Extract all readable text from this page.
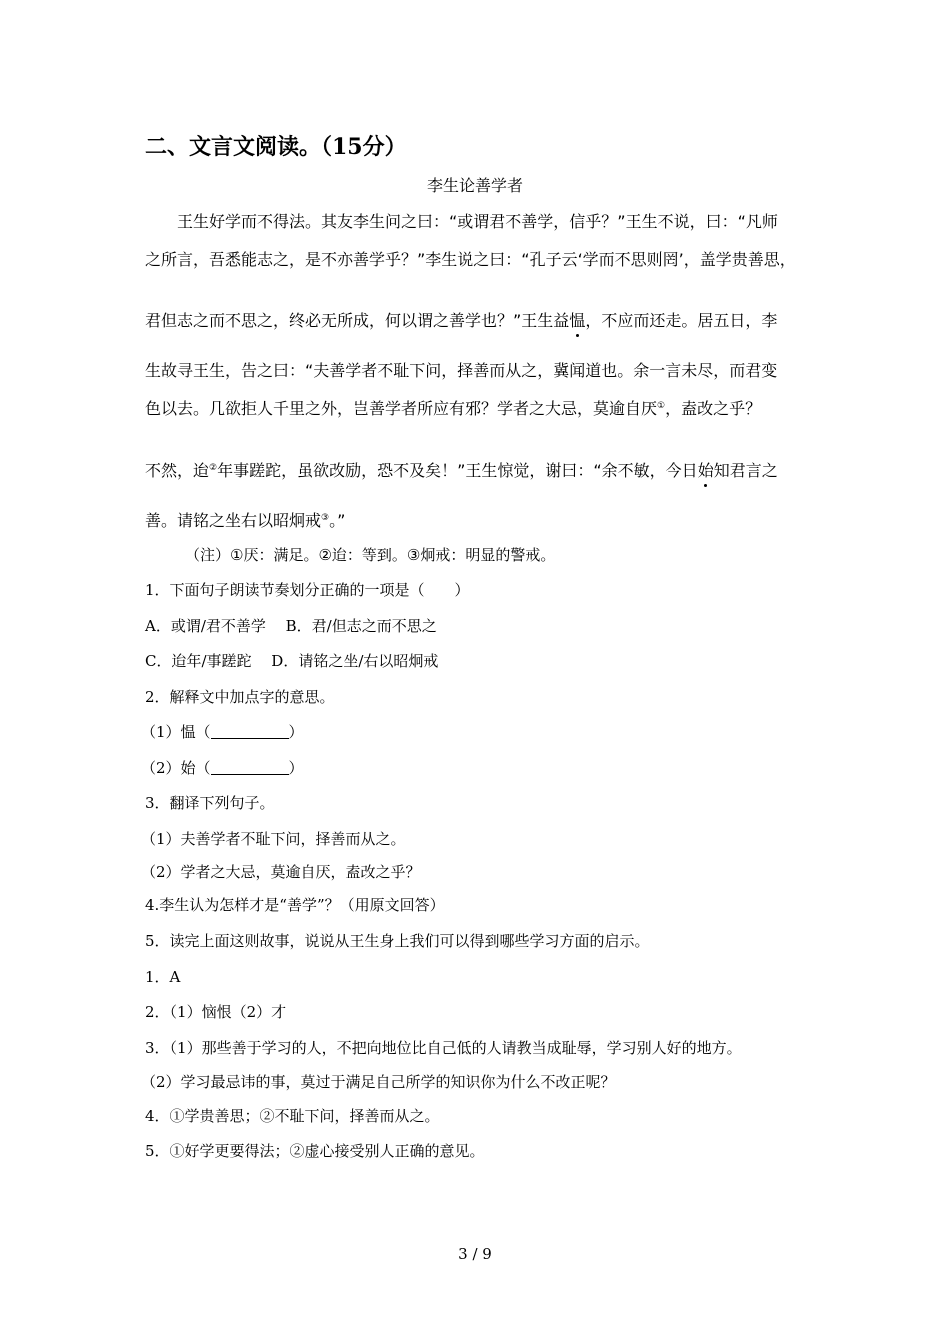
二、文言文阅读。（15分）
李生论善学者
王生好学而不得法。其友李生问之曰：“或谓君不善学，信乎？”王生不说，曰：“凡师
之所言，吾悉能志之，是不亦善学乎？”李生说之曰：“孔子云‘学而不思则罔’，盖学贵善思，
君但志之而不思之，终必无所成，何以谓之善学也？”王生益愠，不应而还走。居五日，李
生故寻王生，告之曰：“夫善学者不耻下问，择善而从之，冀闻道也。余一言未尽，而君变
色以去。几欲拒人千里之外，岂善学者所应有邪？学者之大忌，莫逾自厌①，盍改之乎？
不然，迨②年事蹉跎，虽欲改励，恐不及矣！”王生惊觉，谢曰：“余不敏，今日始知君言之
善。请铭之坐右以昭炯戒③。”
（注）①厌：满足。②迨：等到。③炯戒：明显的警戒。
1．下面句子朗读节奏划分正确的一项是（　　）
A．或谓/君不善学　 B．君/但志之而不思之
C．迨年/事蹉跎　 D．请铭之坐/右以昭炯戒
2．解释文中加点字的意思。
（1）愠（	）
（2）始（	）
3．翻译下列句子。
（1）夫善学者不耻下问，择善而从之。
（2）学者之大忌，莫逾自厌，盍改之乎？
4.李生认为怎样才是“善学”？（用原文回答）
5．读完上面这则故事，说说从王生身上我们可以得到哪些学习方面的启示。
1．A
2．（1）恼恨（2）才
3．（1）那些善于学习的人，不把向地位比自己低的人请教当成耻辱，学习别人好的地方。
（2）学习最忌讳的事，莫过于满足自己所学的知识你为什么不改正呢？
4．①学贵善思；②不耻下问，择善而从之。
5．①好学更要得法；②虚心接受别人正确的意见。
3 / 9
